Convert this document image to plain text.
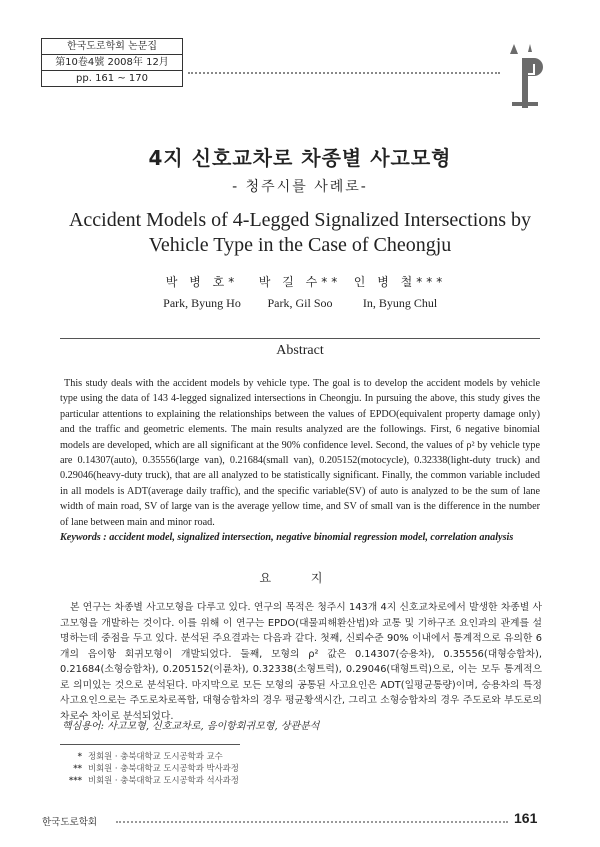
한국도로학회 논문집
第10卷4號 2008年 12月
pp. 161 ~ 170
4지 신호교차로 차종별 사고모형
- 청주시를 사례로-
Accident Models of 4-Legged Signalized Intersections by Vehicle Type in the Case of Cheongju
박 병 호*
Park, Byung Ho
박 길 수**
Park, Gil Soo
인 병 철***
In, Byung Chul
Abstract
This study deals with the accident models by vehicle type. The goal is to develop the accident models by vehicle type using the data of 143 4-legged signalized intersections in Cheongju. In pursuing the above, this study gives the particular attentions to explaining the relationships between the values of EPDO(equivalent property damage only) and the traffic and geometric elements. The main results analyzed are the followings. First, 6 negative binomial models are developed, which are all significant at the 90% confidence level. Second, the values of ρ² by vehicle type are 0.14307(auto), 0.35556(large van), 0.21684(small van), 0.205152(motocycle), 0.32338(light-duty truck) and 0.29046(heavy-duty truck), that are all analyzed to be statistically significant. Finally, the common variable included in all models is ADT(average daily traffic), and the specific variable(SV) of auto is analyzed to be the sum of lane width of main road, SV of large van is the average yellow time, and SV of small van is the difference in the number of lane between main and minor road.
Keywords : accident model, signalized intersection, negative binomial regression model, correlation analysis
요 지
본 연구는 차종별 사고모형을 다루고 있다. 연구의 목적은 청주시 143개 4지 신호교차로에서 발생한 차종별 사고모형을 개발하는 것이다. 이를 위해 이 연구는 EPDO(대물피해환산법)와 교통 및 기하구조 요인과의 관계를 설명하는데 중점을 두고 있다. 분석된 주요결과는 다음과 같다. 첫째, 신뢰수준 90% 이내에서 통계적으로 유의한 6개의 음이항 회귀모형이 개발되었다. 둘째, 모형의 ρ² 값은 0.14307(승용차), 0.35556(대형승합차), 0.21684(소형승합차), 0.205152(이륜차), 0.32338(소형트럭), 0.29046(대형트럭)으로, 이는 모두 통계적으로 의미있는 것으로 분석된다. 마지막으로 모든 모형의 공통된 사고요인은 ADT(일평균통량)이며, 승용차의 특정 사고요인으로는 주도로차로폭합, 대형승합차의 경우 평균황색시간, 그리고 소형승합차의 경우 주도로와 부도로의 차로수 차이로 분석되었다.
핵심용어: 사고모형, 신호교차로, 음이항회귀모형, 상관분석
* 정회원 · 충북대학교 도시공학과 교수
** 비회원 · 충북대학교 도시공학과 박사과정
*** 비회원 · 충북대학교 도시공학과 석사과정
한국도로학회	161
